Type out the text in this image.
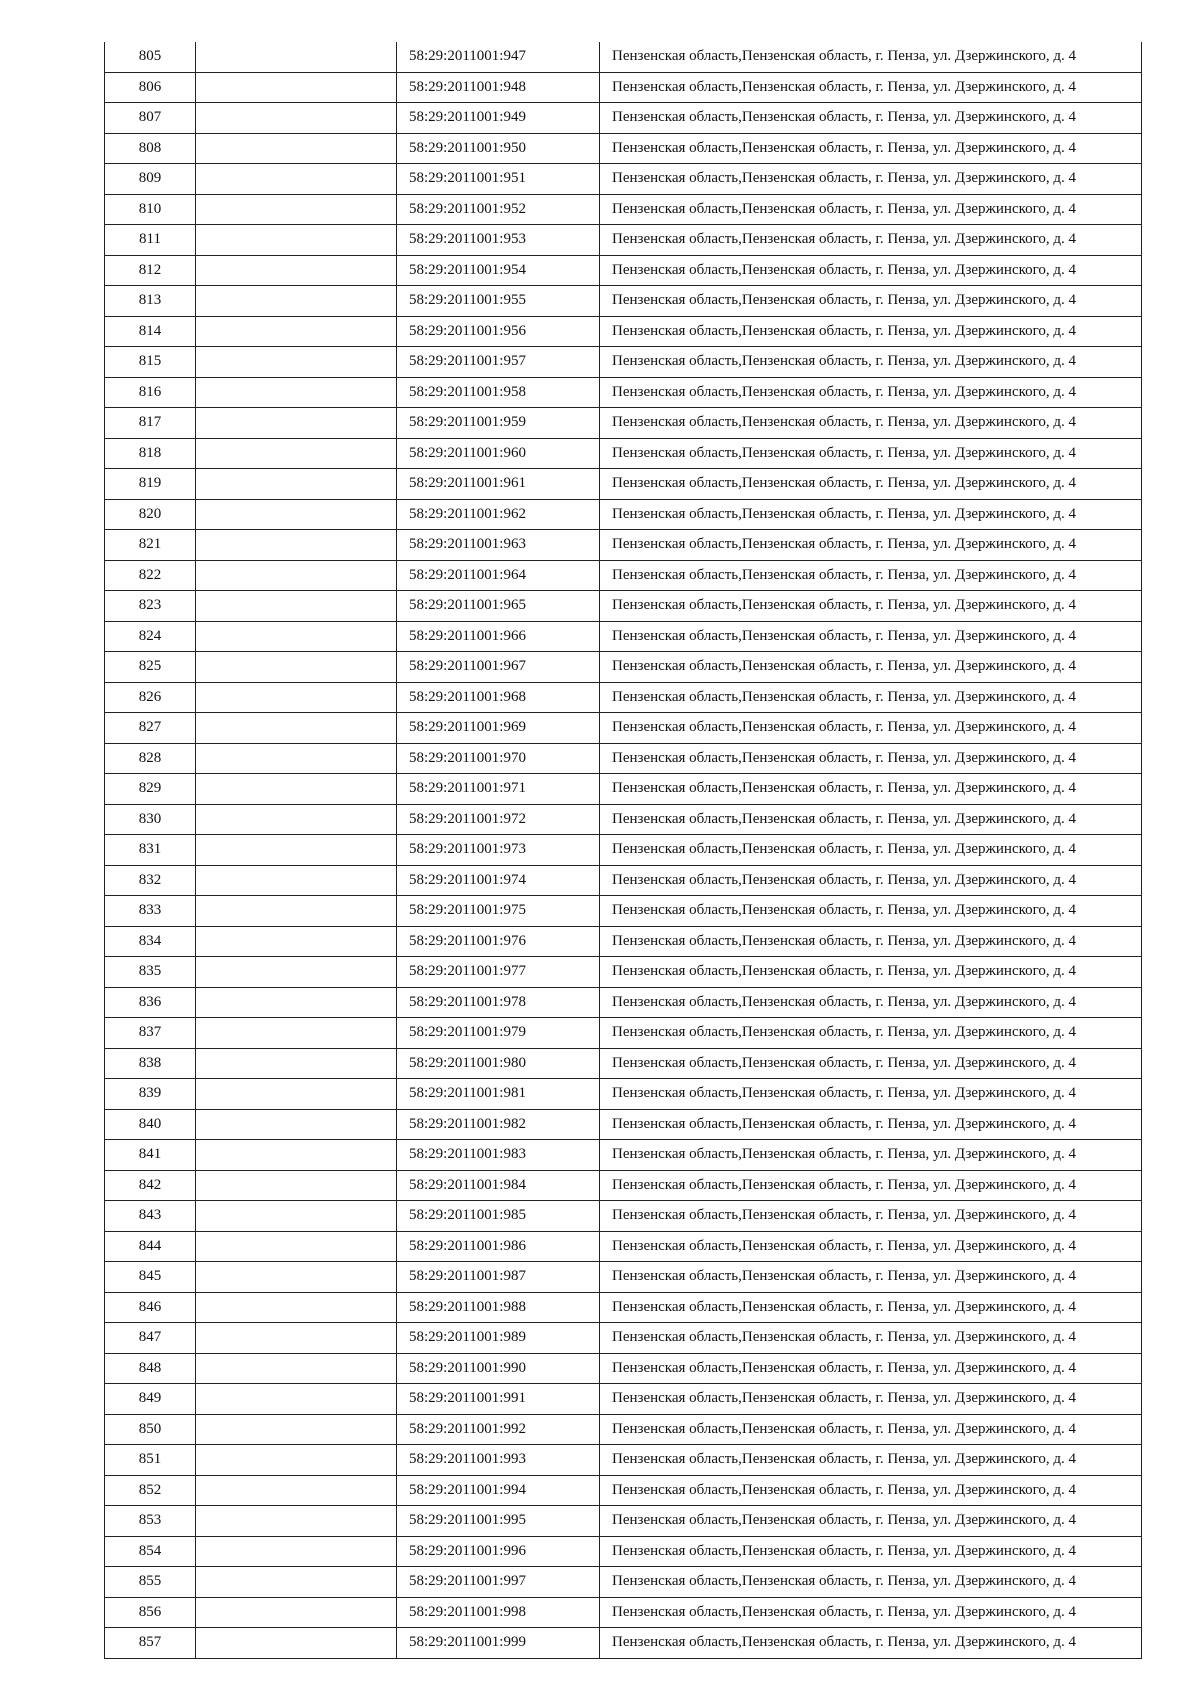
805		58:29:2011001:947	Пензенская область,Пензенская область, г. Пенза, ул. Дзержинского, д. 4
806		58:29:2011001:948	Пензенская область,Пензенская область, г. Пенза, ул. Дзержинского, д. 4
807		58:29:2011001:949	Пензенская область,Пензенская область, г. Пенза, ул. Дзержинского, д. 4
808		58:29:2011001:950	Пензенская область,Пензенская область, г. Пенза, ул. Дзержинского, д. 4
809		58:29:2011001:951	Пензенская область,Пензенская область, г. Пенза, ул. Дзержинского, д. 4
810		58:29:2011001:952	Пензенская область,Пензенская область, г. Пенза, ул. Дзержинского, д. 4
811		58:29:2011001:953	Пензенская область,Пензенская область, г. Пенза, ул. Дзержинского, д. 4
812		58:29:2011001:954	Пензенская область,Пензенская область, г. Пенза, ул. Дзержинского, д. 4
813		58:29:2011001:955	Пензенская область,Пензенская область, г. Пенза, ул. Дзержинского, д. 4
814		58:29:2011001:956	Пензенская область,Пензенская область, г. Пенза, ул. Дзержинского, д. 4
815		58:29:2011001:957	Пензенская область,Пензенская область, г. Пенза, ул. Дзержинского, д. 4
816		58:29:2011001:958	Пензенская область,Пензенская область, г. Пенза, ул. Дзержинского, д. 4
817		58:29:2011001:959	Пензенская область,Пензенская область, г. Пенза, ул. Дзержинского, д. 4
818		58:29:2011001:960	Пензенская область,Пензенская область, г. Пенза, ул. Дзержинского, д. 4
819		58:29:2011001:961	Пензенская область,Пензенская область, г. Пенза, ул. Дзержинского, д. 4
820		58:29:2011001:962	Пензенская область,Пензенская область, г. Пенза, ул. Дзержинского, д. 4
821		58:29:2011001:963	Пензенская область,Пензенская область, г. Пенза, ул. Дзержинского, д. 4
822		58:29:2011001:964	Пензенская область,Пензенская область, г. Пенза, ул. Дзержинского, д. 4
823		58:29:2011001:965	Пензенская область,Пензенская область, г. Пенза, ул. Дзержинского, д. 4
824		58:29:2011001:966	Пензенская область,Пензенская область, г. Пенза, ул. Дзержинского, д. 4
825		58:29:2011001:967	Пензенская область,Пензенская область, г. Пенза, ул. Дзержинского, д. 4
826		58:29:2011001:968	Пензенская область,Пензенская область, г. Пенза, ул. Дзержинского, д. 4
827		58:29:2011001:969	Пензенская область,Пензенская область, г. Пенза, ул. Дзержинского, д. 4
828		58:29:2011001:970	Пензенская область,Пензенская область, г. Пенза, ул. Дзержинского, д. 4
829		58:29:2011001:971	Пензенская область,Пензенская область, г. Пенза, ул. Дзержинского, д. 4
830		58:29:2011001:972	Пензенская область,Пензенская область, г. Пенза, ул. Дзержинского, д. 4
831		58:29:2011001:973	Пензенская область,Пензенская область, г. Пенза, ул. Дзержинского, д. 4
832		58:29:2011001:974	Пензенская область,Пензенская область, г. Пенза, ул. Дзержинского, д. 4
833		58:29:2011001:975	Пензенская область,Пензенская область, г. Пенза, ул. Дзержинского, д. 4
834		58:29:2011001:976	Пензенская область,Пензенская область, г. Пенза, ул. Дзержинского, д. 4
835		58:29:2011001:977	Пензенская область,Пензенская область, г. Пенза, ул. Дзержинского, д. 4
836		58:29:2011001:978	Пензенская область,Пензенская область, г. Пенза, ул. Дзержинского, д. 4
837		58:29:2011001:979	Пензенская область,Пензенская область, г. Пенза, ул. Дзержинского, д. 4
838		58:29:2011001:980	Пензенская область,Пензенская область, г. Пенза, ул. Дзержинского, д. 4
839		58:29:2011001:981	Пензенская область,Пензенская область, г. Пенза, ул. Дзержинского, д. 4
840		58:29:2011001:982	Пензенская область,Пензенская область, г. Пенза, ул. Дзержинского, д. 4
841		58:29:2011001:983	Пензенская область,Пензенская область, г. Пенза, ул. Дзержинского, д. 4
842		58:29:2011001:984	Пензенская область,Пензенская область, г. Пенза, ул. Дзержинского, д. 4
843		58:29:2011001:985	Пензенская область,Пензенская область, г. Пенза, ул. Дзержинского, д. 4
844		58:29:2011001:986	Пензенская область,Пензенская область, г. Пенза, ул. Дзержинского, д. 4
845		58:29:2011001:987	Пензенская область,Пензенская область, г. Пенза, ул. Дзержинского, д. 4
846		58:29:2011001:988	Пензенская область,Пензенская область, г. Пенза, ул. Дзержинского, д. 4
847		58:29:2011001:989	Пензенская область,Пензенская область, г. Пенза, ул. Дзержинского, д. 4
848		58:29:2011001:990	Пензенская область,Пензенская область, г. Пенза, ул. Дзержинского, д. 4
849		58:29:2011001:991	Пензенская область,Пензенская область, г. Пенза, ул. Дзержинского, д. 4
850		58:29:2011001:992	Пензенская область,Пензенская область, г. Пенза, ул. Дзержинского, д. 4
851		58:29:2011001:993	Пензенская область,Пензенская область, г. Пенза, ул. Дзержинского, д. 4
852		58:29:2011001:994	Пензенская область,Пензенская область, г. Пенза, ул. Дзержинского, д. 4
853		58:29:2011001:995	Пензенская область,Пензенская область, г. Пенза, ул. Дзержинского, д. 4
854		58:29:2011001:996	Пензенская область,Пензенская область, г. Пенза, ул. Дзержинского, д. 4
855		58:29:2011001:997	Пензенская область,Пензенская область, г. Пенза, ул. Дзержинского, д. 4
856		58:29:2011001:998	Пензенская область,Пензенская область, г. Пенза, ул. Дзержинского, д. 4
857		58:29:2011001:999	Пензенская область,Пензенская область, г. Пенза, ул. Дзержинского, д. 4
